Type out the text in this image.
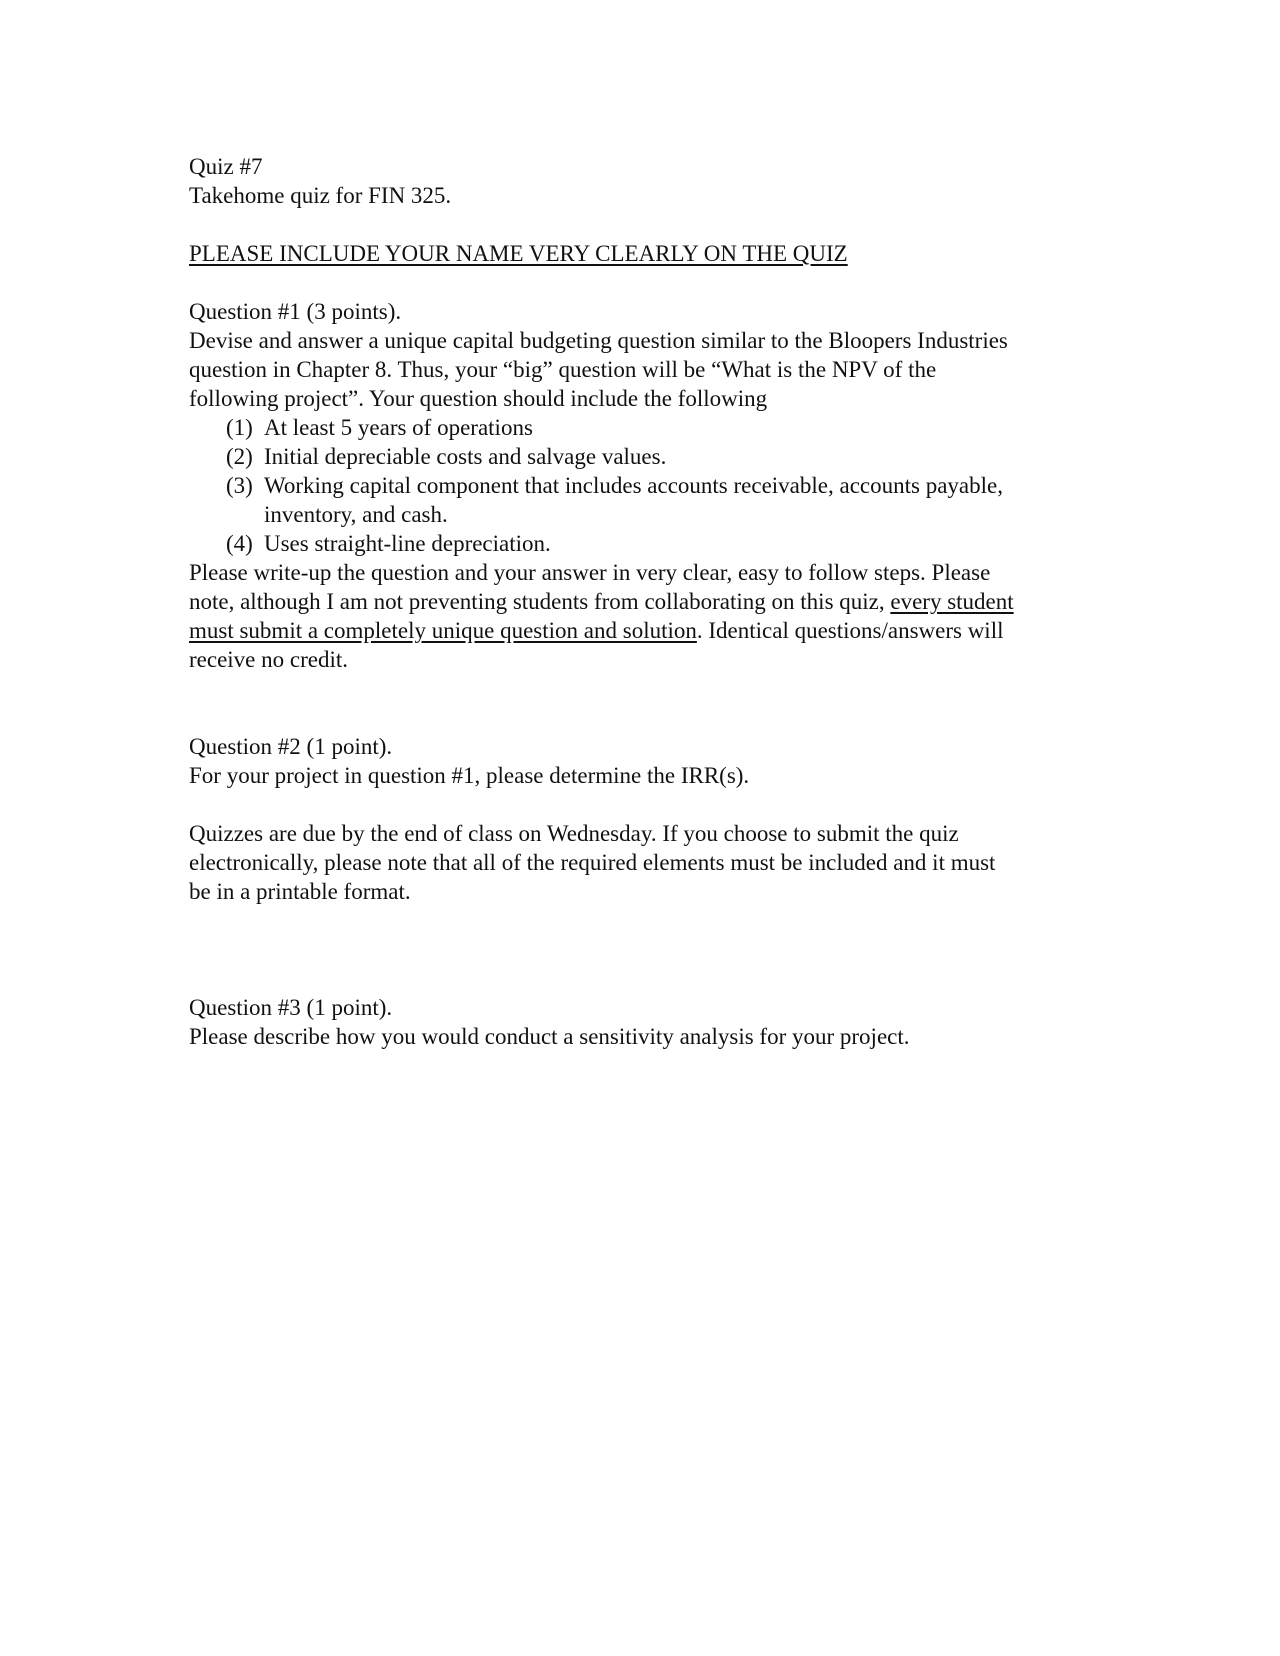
Quiz #7
Takehome quiz for FIN 325.
PLEASE INCLUDE YOUR NAME VERY CLEARLY ON THE QUIZ
Question #1 (3 points).
Devise and answer a unique capital budgeting question similar to the Bloopers Industries
question in Chapter 8. Thus, your “big” question will be “What is the NPV of the
following project”. Your question should include the following
(1) At least 5 years of operations
(2) Initial depreciable costs and salvage values.
(3) Working capital component that includes accounts receivable, accounts payable,
inventory, and cash.
(4) Uses straight-line depreciation.
Please write-up the question and your answer in very clear, easy to follow steps. Please
note, although I am not preventing students from collaborating on this quiz, every student
must submit a completely unique question and solution. Identical questions/answers will
receive no credit.
Question #2 (1 point).
For your project in question #1, please determine the IRR(s).
Quizzes are due by the end of class on Wednesday. If you choose to submit the quiz
electronically, please note that all of the required elements must be included and it must
be in a printable format.
Question #3 (1 point).
Please describe how you would conduct a sensitivity analysis for your project.
